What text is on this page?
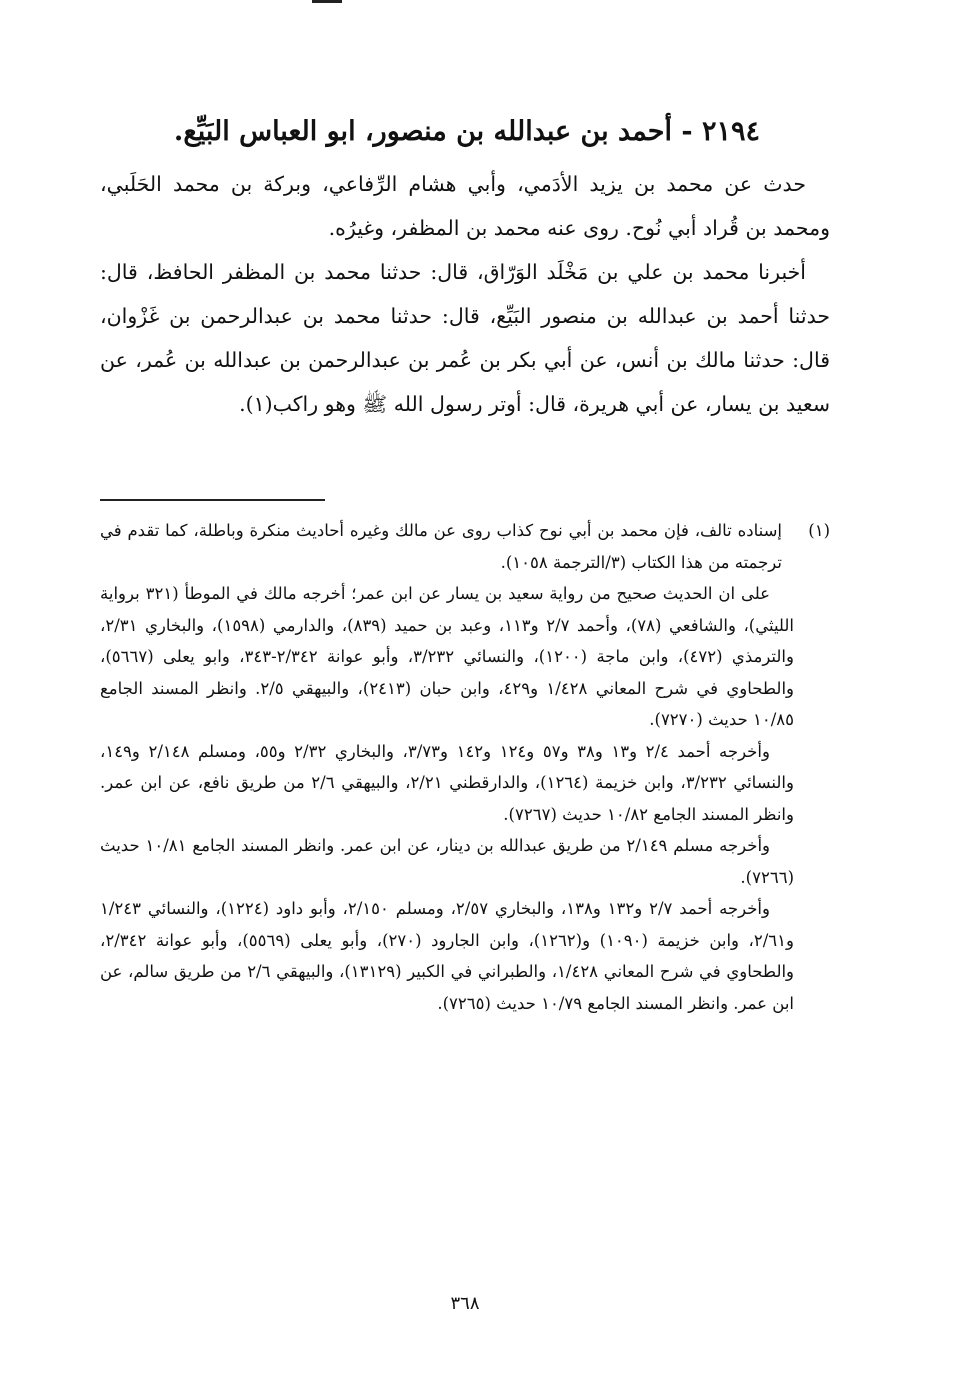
٢١٩٤ - أحمد بن عبدالله بن منصور، ابو العباس البَيِّع.

حدث عن محمد بن يزيد الأدَمي، وأبي هشام الرِّفاعي، وبركة بن محمد الحَلَبي، ومحمد بن قُراد أبي نُوح. روى عنه محمد بن المظفر، وغيرُه.

أخبرنا محمد بن علي بن مَخْلَد الوَرّاق، قال: حدثنا محمد بن المظفر الحافظ، قال: حدثنا أحمد بن عبدالله بن منصور البَيِّع، قال: حدثنا محمد بن عبدالرحمن بن غَزْوان، قال: حدثنا مالك بن أنس، عن أبي بكر بن عُمر بن عبدالرحمن بن عبدالله بن عُمر، عن سعيد بن يسار، عن أبي هريرة، قال: أوتر رسول الله ﷺ وهو راكب(١).

(١)
إسناده تالف، فإن محمد بن أبي نوح كذاب روى عن مالك وغيره أحاديث منكرة وباطلة، كما تقدم في ترجمته من هذا الكتاب (٣/الترجمة ١٠٥٨).

على ان الحديث صحيح من رواية سعيد بن يسار عن ابن عمر؛ أخرجه مالك في الموطأ (٣٢١ برواية الليثي)، والشافعي (٧٨)، وأحمد ٢/٧ و١١٣، وعبد بن حميد (٨٣٩)، والدارمي (١٥٩٨)، والبخاري ٢/٣١، والترمذي (٤٧٢)، وابن ماجة (١٢٠٠)، والنسائي ٣/٢٣٢، وأبو عوانة ٢/٣٤٢-٣٤٣، وابو يعلى (٥٦٦٧)، والطحاوي في شرح المعاني ١/٤٢٨ و٤٢٩، وابن حبان (٢٤١٣)، والبيهقي ٢/٥. وانظر المسند الجامع ١٠/٨٥ حديث (٧٢٧٠).

وأخرجه أحمد ٢/٤ و١٣ و٣٨ و٥٧ و١٢٤ و١٤٢ و٣/٧٣، والبخاري ٢/٣٢ و٥٥، ومسلم ٢/١٤٨ و١٤٩، والنسائي ٣/٢٣٢، وابن خزيمة (١٢٦٤)، والدارقطني ٢/٢١، والبيهقي ٢/٦ من طريق نافع، عن ابن عمر. وانظر المسند الجامع ١٠/٨٢ حديث (٧٢٦٧).

وأخرجه مسلم ٢/١٤٩ من طريق عبدالله بن دينار، عن ابن عمر. وانظر المسند الجامع ١٠/٨١ حديث (٧٢٦٦).

وأخرجه أحمد ٢/٧ و١٣٢ و١٣٨، والبخاري ٢/٥٧، ومسلم ٢/١٥٠، وأبو داود (١٢٢٤)، والنسائي ١/٢٤٣ و٢/٦١، وابن خزيمة (١٠٩٠) و(١٢٦٢)، وابن الجارود (٢٧٠)، وأبو يعلى (٥٥٦٩)، وأبو عوانة ٢/٣٤٢، والطحاوي في شرح المعاني ١/٤٢٨، والطبراني في الكبير (١٣١٢٩)، والبيهقي ٢/٦ من طريق سالم، عن ابن عمر. وانظر المسند الجامع ١٠/٧٩ حديث (٧٢٦٥).

٣٦٨
